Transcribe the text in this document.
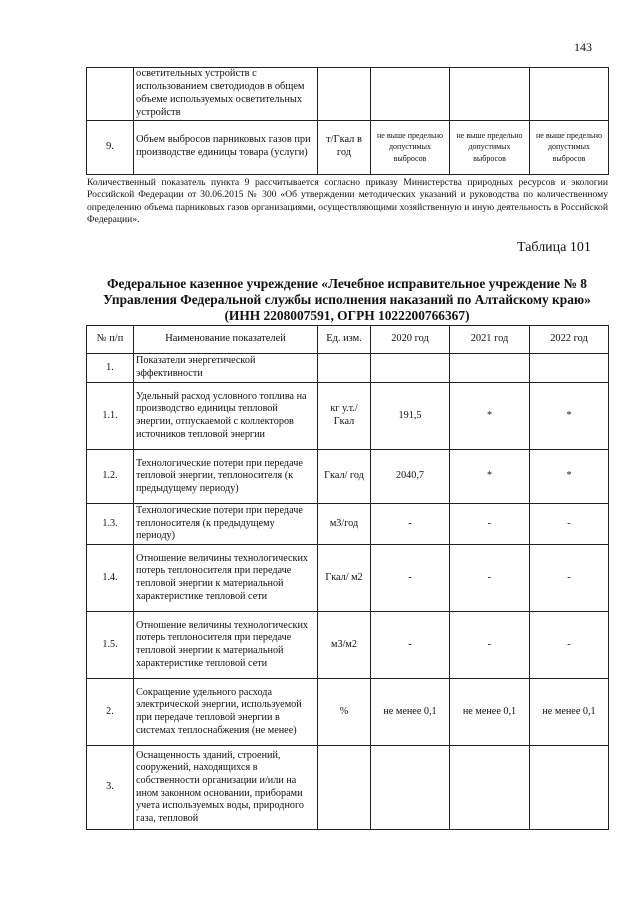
143
	осветительных устройств с использованием светодиодов в общем объеме используемых осветительных устройств				
9.	Объем выбросов парниковых газов при производстве единицы товара (услуги)	т/Гкал в год	не выше предельно допустимых выбросов	не выше предельно допустимых выбросов	не выше предельно допустимых выбросов
Количественный показатель пункта 9 рассчитывается согласно приказу Министерства природных ресурсов и экологии Российской Федерации от 30.06.2015 № 300 «Об утверждении методических указаний и руководства по количественному определению объема парниковых газов организациями, осуществляющими хозяйственную и иную деятельность в Российской Федерации».
Таблица 101
Федеральное казенное учреждение «Лечебное исправительное учреждение № 8 Управления Федеральной службы исполнения наказаний по Алтайскому краю» (ИНН 2208007591, ОГРН 1022200766367)
№ п/п	Наименование показателей	Ед. изм.	2020 год	2021 год	2022 год
1.	Показатели энергетической эффективности				
1.1.	Удельный расход условного топлива на производство единицы тепловой энергии, отпускаемой с коллекторов источников тепловой энергии	кг у.т./ Гкал	191,5	*	*
1.2.	Технологические потери при передаче тепловой энергии, теплоносителя (к предыдущему периоду)	Гкал/ год	2040,7	*	*
1.3.	Технологические потери при передаче теплоносителя (к предыдущему периоду)	м3/год	-	-	-
1.4.	Отношение величины технологических потерь теплоносителя при передаче тепловой энергии к материальной характеристике тепловой сети	Гкал/ м2	-	-	-
1.5.	Отношение величины технологических потерь теплоносителя при передаче тепловой энергии к материальной характеристике тепловой сети	м3/м2	-	-	-
2.	Сокращение удельного расхода электрической энергии, используемой при передаче тепловой энергии в системах теплоснабжения (не менее)	%	не менее 0,1	не менее 0,1	не менее 0,1
3.	Оснащенность зданий, строений, сооружений, находящихся в собственности организации и/или на ином законном основании, приборами учета используемых воды, природного газа, тепловой				
